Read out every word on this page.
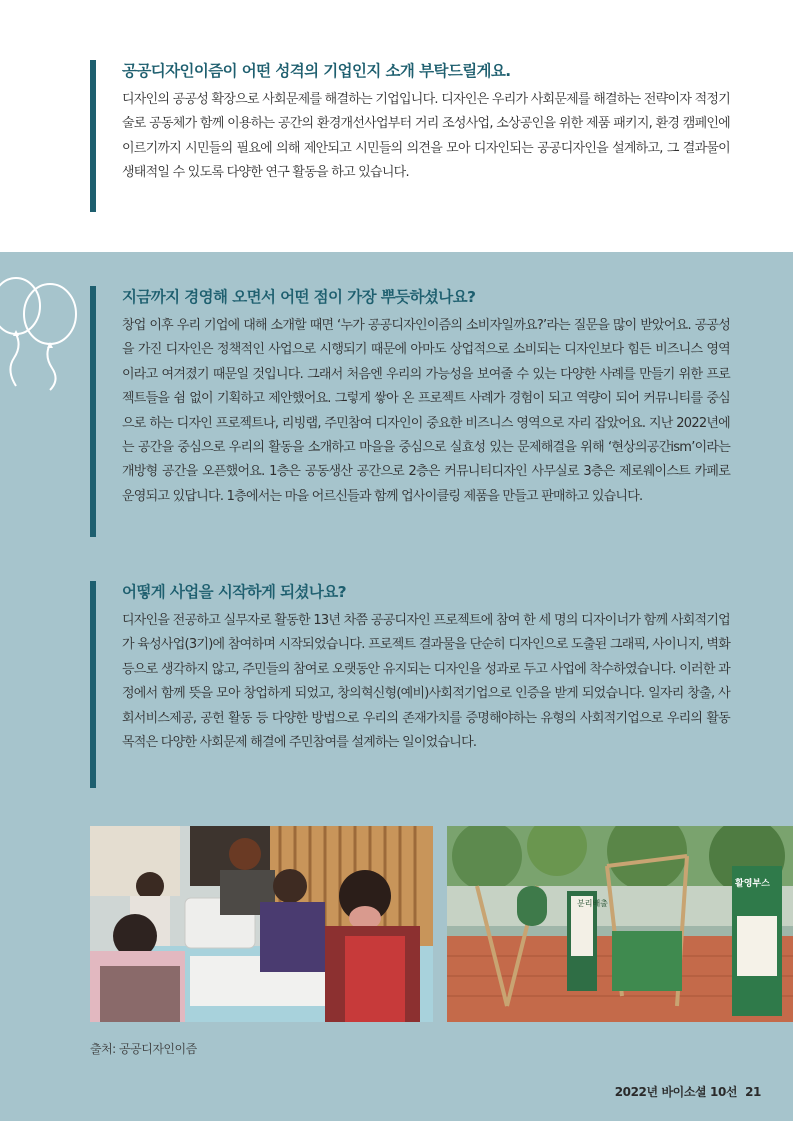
공공디자인이즘이 어떤 성격의 기업인지 소개 부탁드릴게요.

디자인의 공공성 확장으로 사회문제를 해결하는 기업입니다. 디자인은 우리가 사회문제를 해결하는 전략이자 적정기술로 공동체가 함께 이용하는 공간의 환경개선사업부터 거리 조성사업, 소상공인을 위한 제품 패키지, 환경 캠페인에 이르기까지 시민들의 필요에 의해 제안되고 시민들의 의견을 모아 디자인되는 공공디자인을 설계하고, 그 결과물이 생태적일 수 있도록 다양한 연구 활동을 하고 있습니다.

지금까지 경영해 오면서 어떤 점이 가장 뿌듯하셨나요?

창업 이후 우리 기업에 대해 소개할 때면 ‘누가 공공디자인이즘의 소비자일까요?’라는 질문을 많이 받았어요. 공공성을 가진 디자인은 정책적인 사업으로 시행되기 때문에 아마도 상업적으로 소비되는 디자인보다 힘든 비즈니스 영역이라고 여겨졌기 때문일 것입니다. 그래서 처음엔 우리의 가능성을 보여줄 수 있는 다양한 사례를 만들기 위한 프로젝트들을 쉼 없이 기획하고 제안했어요. 그렇게 쌓아 온 프로젝트 사례가 경험이 되고 역량이 되어 커뮤니티를 중심으로 하는 디자인 프로젝트나, 리빙랩, 주민참여 디자인이 중요한 비즈니스 영역으로 자리 잡았어요. 지난 2022년에는 공간을 중심으로 우리의 활동을 소개하고 마을을 중심으로 실효성 있는 문제해결을 위해 ‘현상의공간ism’이라는 개방형 공간을 오픈했어요. 1층은 공동생산 공간으로 2층은 커뮤니티디자인 사무실로 3층은 제로웨이스트 카페로 운영되고 있답니다. 1층에서는 마을 어르신들과 함께 업사이클링 제품을 만들고 판매하고 있습니다.

어떻게 사업을 시작하게 되셨나요?

디자인을 전공하고 실무자로 활동한 13년 차쯤 공공디자인 프로젝트에 참여 한 세 명의 디자이너가 함께 사회적기업가 육성사업(3기)에 참여하며 시작되었습니다. 프로젝트 결과물을 단순히 디자인으로 도출된 그래픽, 사이니지, 벽화 등으로 생각하지 않고, 주민들의 참여로 오랫동안 유지되는 디자인을 성과로 두고 사업에 착수하였습니다. 이러한 과정에서 함께 뜻을 모아 창업하게 되었고, 창의혁신형(예비)사회적기업으로 인증을 받게 되었습니다. 일자리 창출, 사회서비스제공, 공헌 활동 등 다양한 방법으로 우리의 존재가치를 증명해야하는 유형의 사회적기업으로 우리의 활동 목적은 다양한 사회문제 해결에 주민참여를 설계하는 일이었습니다.

분리배출
활영부스
출처: 공공디자인이즘
2022년 바이소셜 10선 21
